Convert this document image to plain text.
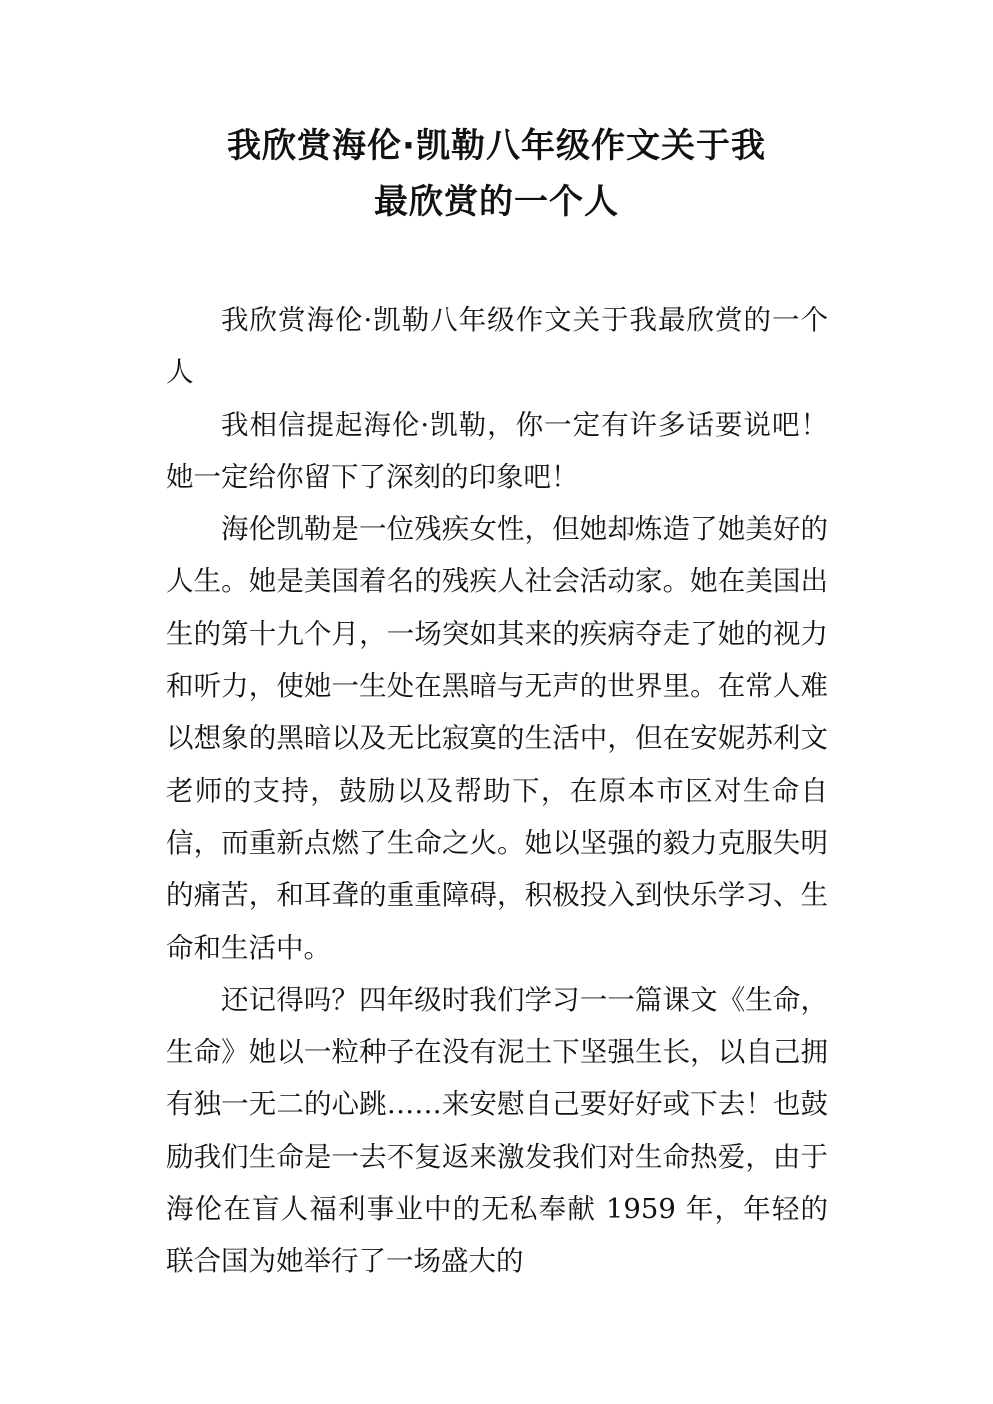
我欣赏海伦·凯勒八年级作文关于我
最欣赏的一个人

我欣赏海伦·凯勒八年级作文关于我最欣赏的一个人

我相信提起海伦·凯勒，你一定有许多话要说吧！她一定给你留下了深刻的印象吧！

海伦凯勒是一位残疾女性，但她却炼造了她美好的人生。她是美国着名的残疾人社会活动家。她在美国出生的第十九个月，一场突如其来的疾病夺走了她的视力和听力，使她一生处在黑暗与无声的世界里。在常人难以想象的黑暗以及无比寂寞的生活中，但在安妮苏利文老师的支持，鼓励以及帮助下，在原本市区对生命自信，而重新点燃了生命之火。她以坚强的毅力克服失明的痛苦，和耳聋的重重障碍，积极投入到快乐学习、生命和生活中。

还记得吗？四年级时我们学习一一篇课文《生命，生命》她以一粒种子在没有泥土下坚强生长，以自己拥有独一无二的心跳……来安慰自己要好好或下去！也鼓励我们生命是一去不复返来激发我们对生命热爱，由于海伦在盲人福利事业中的无私奉献 1959 年，年轻的联合国为她举行了一场盛大的
